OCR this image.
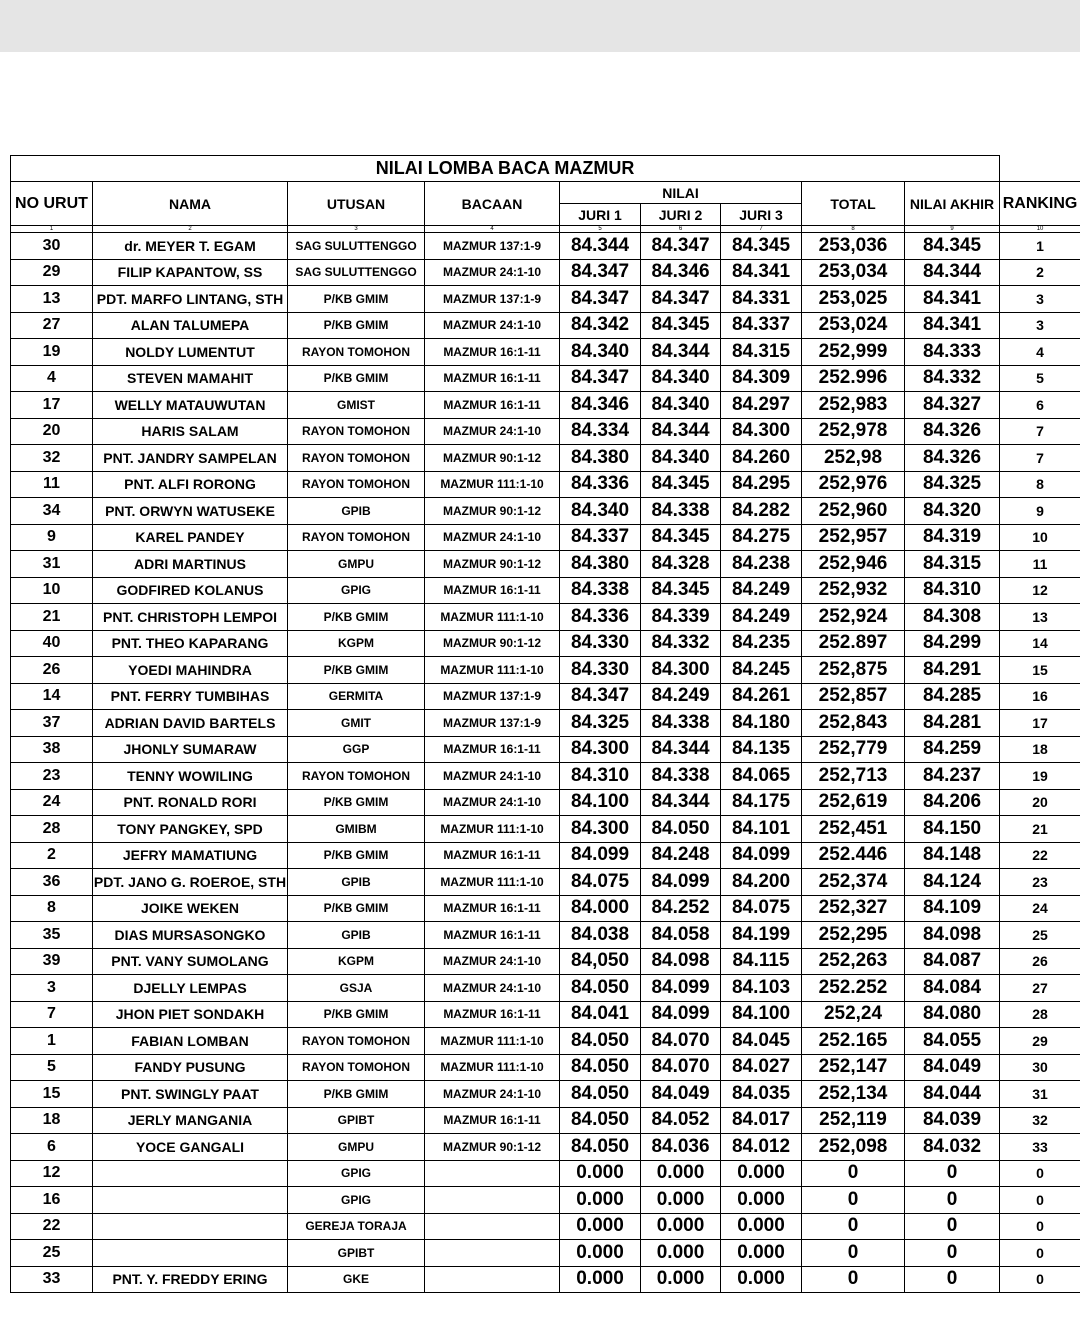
NILAI LOMBA BACA MAZMUR									
NO URUT	NAMA	UTUSAN	BACAAN	NILAI			TOTAL	NILAI AKHIR	RANKING
				JURI 1	JURI 2	JURI 3			
1	2	3	4	5	6	7	8	9	10
30	dr. MEYER T. EGAM	SAG SULUTTENGGO	MAZMUR 137:1-9	84.344	84.347	84.345	253,036	84.345	1
29	FILIP KAPANTOW, SS	SAG SULUTTENGGO	MAZMUR 24:1-10	84.347	84.346	84.341	253,034	84.344	2
13	PDT. MARFO LINTANG, STH	P/KB GMIM	MAZMUR 137:1-9	84.347	84.347	84.331	253,025	84.341	3
27	ALAN TALUMEPA	P/KB GMIM	MAZMUR 24:1-10	84.342	84.345	84.337	253,024	84.341	3
19	NOLDY LUMENTUT	RAYON TOMOHON	MAZMUR 16:1-11	84.340	84.344	84.315	252,999	84.333	4
4	STEVEN MAMAHIT	P/KB GMIM	MAZMUR 16:1-11	84.347	84.340	84.309	252.996	84.332	5
17	WELLY MATAUWUTAN	GMIST	MAZMUR 16:1-11	84.346	84.340	84.297	252,983	84.327	6
20	HARIS SALAM	RAYON TOMOHON	MAZMUR 24:1-10	84.334	84.344	84.300	252,978	84.326	7
32	PNT. JANDRY SAMPELAN	RAYON TOMOHON	MAZMUR 90:1-12	84.380	84.340	84.260	252,98	84.326	7
11	PNT. ALFI RORONG	RAYON TOMOHON	MAZMUR 111:1-10	84.336	84.345	84.295	252,976	84.325	8
34	PNT. ORWYN WATUSEKE	GPIB	MAZMUR 90:1-12	84.340	84.338	84.282	252,960	84.320	9
9	KAREL PANDEY	RAYON TOMOHON	MAZMUR 24:1-10	84.337	84.345	84.275	252,957	84.319	10
31	ADRI MARTINUS	GMPU	MAZMUR 90:1-12	84.380	84.328	84.238	252,946	84.315	11
10	GODFIRED KOLANUS	GPIG	MAZMUR 16:1-11	84.338	84.345	84.249	252,932	84.310	12
21	PNT. CHRISTOPH LEMPOI	P/KB GMIM	MAZMUR 111:1-10	84.336	84.339	84.249	252,924	84.308	13
40	PNT. THEO KAPARANG	KGPM	MAZMUR 90:1-12	84.330	84.332	84.235	252.897	84.299	14
26	YOEDI MAHINDRA	P/KB GMIM	MAZMUR 111:1-10	84.330	84.300	84.245	252,875	84.291	15
14	PNT. FERRY TUMBIHAS	GERMITA	MAZMUR 137:1-9	84.347	84.249	84.261	252,857	84.285	16
37	ADRIAN DAVID BARTELS	GMIT	MAZMUR 137:1-9	84.325	84.338	84.180	252,843	84.281	17
38	JHONLY SUMARAW	GGP	MAZMUR 16:1-11	84.300	84.344	84.135	252,779	84.259	18
23	TENNY WOWILING	RAYON TOMOHON	MAZMUR 24:1-10	84.310	84.338	84.065	252,713	84.237	19
24	PNT. RONALD RORI	P/KB GMIM	MAZMUR 24:1-10	84.100	84.344	84.175	252,619	84.206	20
28	TONY PANGKEY, SPD	GMIBM	MAZMUR 111:1-10	84.300	84.050	84.101	252,451	84.150	21
2	JEFRY MAMATIUNG	P/KB GMIM	MAZMUR 16:1-11	84.099	84.248	84.099	252.446	84.148	22
36	PDT. JANO G. ROEROE, STH	GPIB	MAZMUR 111:1-10	84.075	84.099	84.200	252,374	84.124	23
8	JOIKE WEKEN	P/KB GMIM	MAZMUR 16:1-11	84.000	84.252	84.075	252,327	84.109	24
35	DIAS MURSASONGKO	GPIB	MAZMUR 16:1-11	84.038	84.058	84.199	252,295	84.098	25
39	PNT. VANY SUMOLANG	KGPM	MAZMUR 24:1-10	84,050	84.098	84.115	252,263	84.087	26
3	DJELLY LEMPAS	GSJA	MAZMUR 24:1-10	84.050	84.099	84.103	252.252	84.084	27
7	JHON PIET SONDAKH	P/KB GMIM	MAZMUR 16:1-11	84.041	84.099	84.100	252,24	84.080	28
1	FABIAN LOMBAN	RAYON TOMOHON	MAZMUR 111:1-10	84.050	84.070	84.045	252.165	84.055	29
5	FANDY PUSUNG	RAYON TOMOHON	MAZMUR 111:1-10	84.050	84.070	84.027	252,147	84.049	30
15	PNT. SWINGLY PAAT	P/KB GMIM	MAZMUR 24:1-10	84.050	84.049	84.035	252,134	84.044	31
18	JERLY MANGANIA	GPIBT	MAZMUR 16:1-11	84.050	84.052	84.017	252,119	84.039	32
6	YOCE GANGALI	GMPU	MAZMUR 90:1-12	84.050	84.036	84.012	252,098	84.032	33
12		GPIG		0.000	0.000	0.000	0	0	0
16		GPIG		0.000	0.000	0.000	0	0	0
22		GEREJA TORAJA		0.000	0.000	0.000	0	0	0
25		GPIBT		0.000	0.000	0.000	0	0	0
33	PNT. Y. FREDDY ERING	GKE		0.000	0.000	0.000	0	0	0
